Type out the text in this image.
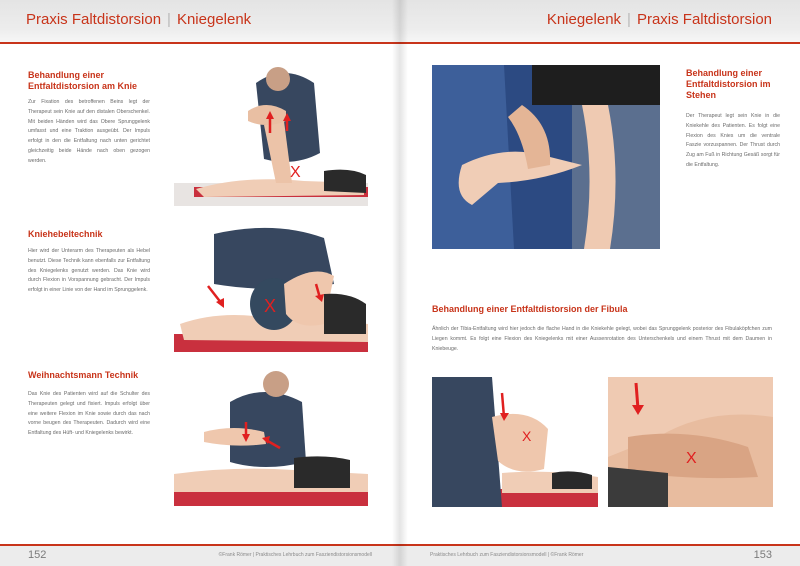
Praxis Faltdistorsion | Kniegelenk
Behandlung einer Entfaltdistorsion am Knie
Zur Fixation des betroffenen Beins legt der Therapeut sein Knie auf den distalen Oberschenkel. Mit beiden Händen wird das Obere Sprunggelenk umfasst und eine Traktion ausgeübt. Der Impuls erfolgt in den die Entfaltung nach unten gerichtet gleichzeitig beide Hände nach oben gezogen werden.
X
Kniehebeltechnik
Hier wird der Unterarm des Therapeuten als Hebel benutzt. Diese Technik kann ebenfalls zur Entfaltung des Kniegelenks genutzt werden. Das Knie wird durch Flexion in Vorspannung gebracht. Der Impuls erfolgt in einer Linie von der Hand im Sprunggelenk.
X
Weihnachtsmann Technik
Das Knie des Patienten wird auf die Schulter des Therapeuten gelegt und fixiert. Impuls erfolgt über eine weitere Flexion im Knie sowie durch das nach vorne beugen des Therapeuten. Dadurch wird eine Entfaltung des Hüft- und Kniegelenks bewirkt.
152	©Frank Römer | Praktisches Lehrbuch zum Fasziendistorsionsmodell
Kniegelenk | Praxis Faltdistorsion
Behandlung einer Entfaltdistorsion im Stehen
Der Therapeut legt sein Knie in die Kniekehle des Patienten. Es folgt eine Flexion des Knies um die ventrale Faszie vorzuspannen. Der Thrust durch Zug am Fuß in Richtung Gesäß sorgt für die Entfaltung.
Behandlung einer Entfaltdistorsion der Fibula
Ähnlich der Tibia-Entfaltung wird hier jedoch die flache Hand in die Kniekehle gelegt, wobei das Sprunggelenk posterior des Fibulaköpfchen zum Liegen kommt. Es folgt eine Flexion des Kniegelenks mit einer Aussenrotation des Unterschenkels und einem Thrust mit dem Daumen in Kniebeuge.
X
X
Praktisches Lehrbuch zum Fasziendistorsionsmodell | ©Frank Römer	153
